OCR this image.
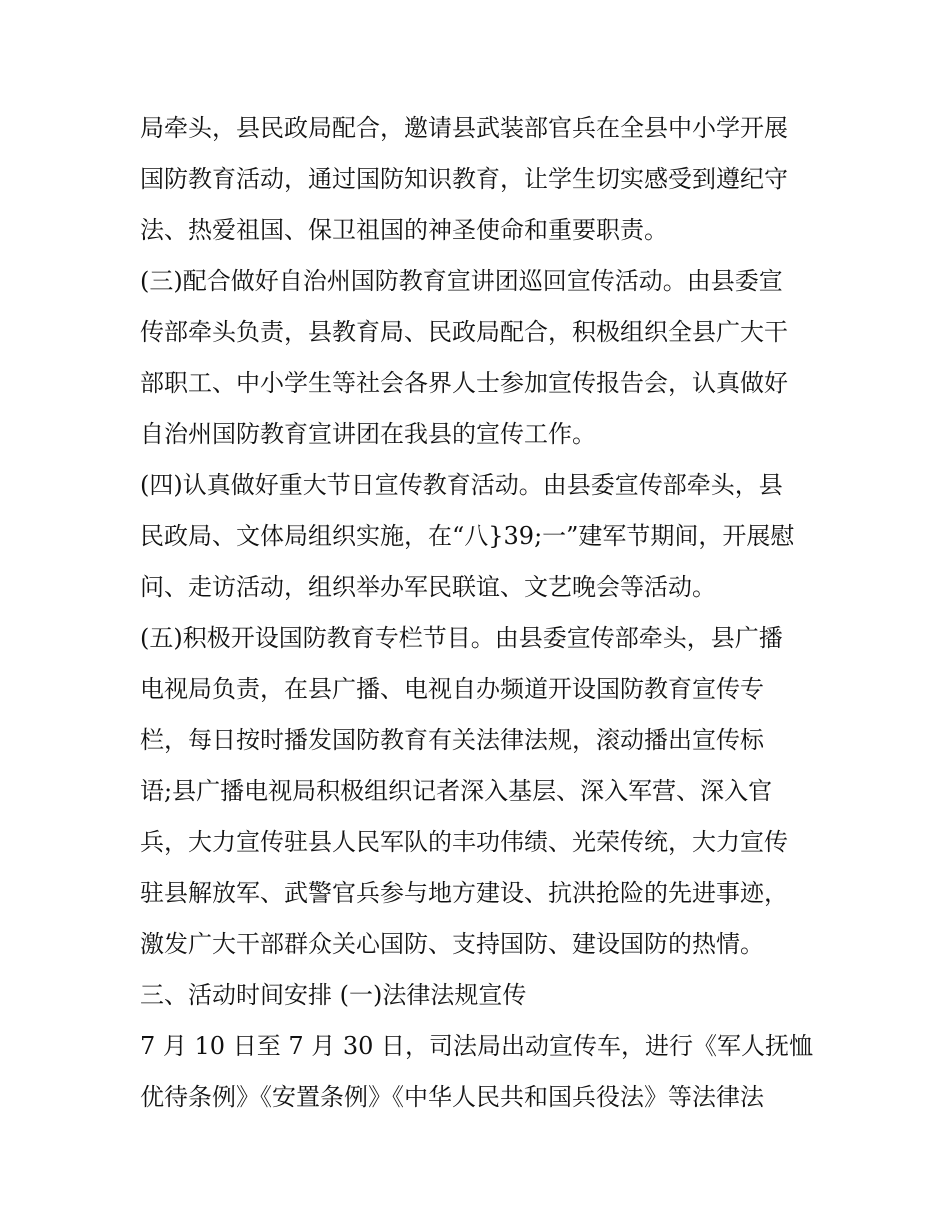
局牵头，县民政局配合，邀请县武装部官兵在全县中小学开展
国防教育活动，通过国防知识教育，让学生切实感受到遵纪守
法、热爱祖国、保卫祖国的神圣使命和重要职责。
(三)配合做好自治州国防教育宣讲团巡回宣传活动。由县委宣
传部牵头负责，县教育局、民政局配合，积极组织全县广大干
部职工、中小学生等社会各界人士参加宣传报告会，认真做好
自治州国防教育宣讲团在我县的宣传工作。
(四)认真做好重大节日宣传教育活动。由县委宣传部牵头，县
民政局、文体局组织实施，在“八}39;一”建军节期间，开展慰
问、走访活动，组织举办军民联谊、文艺晚会等活动。
(五)积极开设国防教育专栏节目。由县委宣传部牵头，县广播
电视局负责，在县广播、电视自办频道开设国防教育宣传专
栏，每日按时播发国防教育有关法律法规，滚动播出宣传标
语;县广播电视局积极组织记者深入基层、深入军营、深入官
兵，大力宣传驻县人民军队的丰功伟绩、光荣传统，大力宣传
驻县解放军、武警官兵参与地方建设、抗洪抢险的先进事迹，
激发广大干部群众关心国防、支持国防、建设国防的热情。
三、活动时间安排 (一)法律法规宣传
7 月 10 日至 7 月 30 日，司法局出动宣传车，进行《军人抚恤
优待条例》《安置条例》《中华人民共和国兵役法》等法律法
